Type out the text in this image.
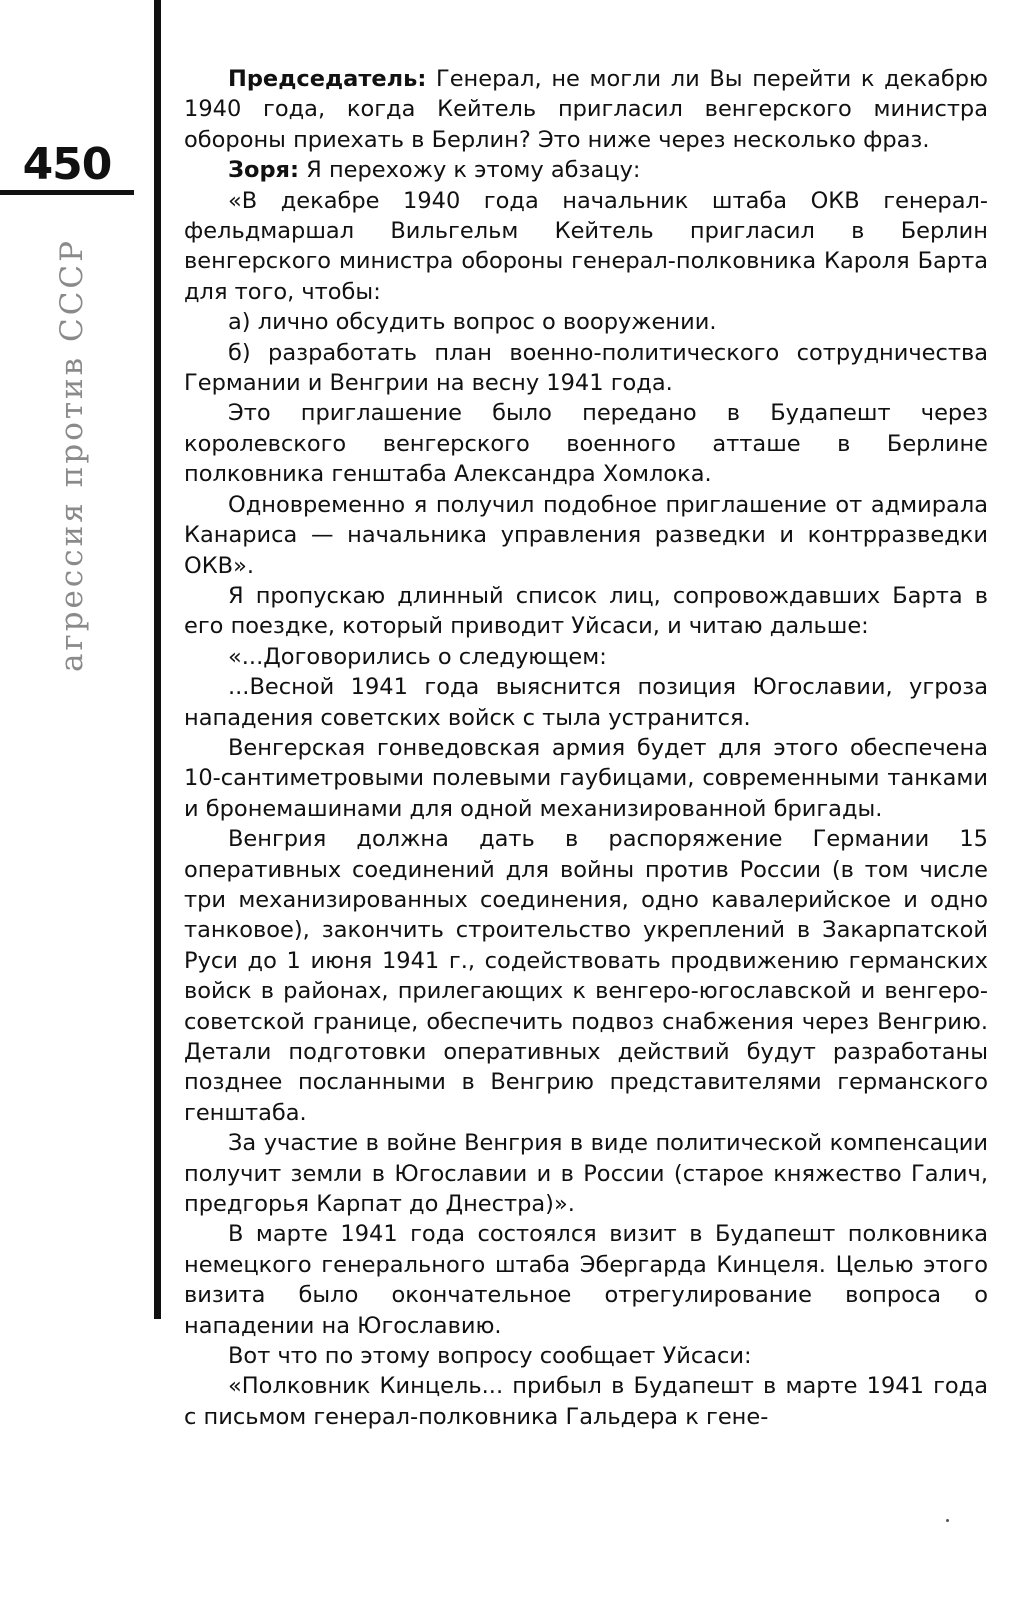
450
агрессия против СССР

Председатель: Генерал, не могли ли Вы перейти к декабрю 1940 года, когда Кейтель пригласил венгерского министра обороны приехать в Берлин? Это ниже через несколько фраз.

Зоря: Я перехожу к этому абзацу:

«В декабре 1940 года начальник штаба ОКВ генерал-фельдмаршал Вильгельм Кейтель пригласил в Берлин венгерского министра обороны генерал-полковника Кароля Барта для того, чтобы:

а) лично обсудить вопрос о вооружении.

б) разработать план военно-политического сотрудничества Германии и Венгрии на весну 1941 года.

Это приглашение было передано в Будапешт через королевского венгерского военного атташе в Берлине полковника генштаба Александра Хомлока.

Одновременно я получил подобное приглашение от адмирала Канариса — начальника управления разведки и контрразведки ОКВ».

Я пропускаю длинный список лиц, сопровождавших Барта в его поездке, который приводит Уйсаси, и читаю дальше:

«...Договорились о следующем:

...Весной 1941 года выяснится позиция Югославии, угроза нападения советских войск с тыла устранится.

Венгерская гонведовская армия будет для этого обеспечена 10-сантиметровыми полевыми гаубицами, современными танками и бронемашинами для одной механизированной бригады.

Венгрия должна дать в распоряжение Германии 15 оперативных соединений для войны против России (в том числе три механизированных соединения, одно кавалерийское и одно танковое), закончить строительство укреплений в Закарпатской Руси до 1 июня 1941 г., содействовать продвижению германских войск в районах, прилегающих к венгеро-югославской и венгеро-советской границе, обеспечить подвоз снабжения через Венгрию. Детали подготовки оперативных действий будут разработаны позднее посланными в Венгрию представителями германского генштаба.

За участие в войне Венгрия в виде политической компенсации получит земли в Югославии и в России (старое княжество Галич, предгорья Карпат до Днестра)».

В марте 1941 года состоялся визит в Будапешт полковника немецкого генерального штаба Эбергарда Кинцеля. Целью этого визита было окончательное отрегулирование вопроса о нападении на Югославию.

Вот что по этому вопросу сообщает Уйсаси:

«Полковник Кинцель... прибыл в Будапешт в марте 1941 года с письмом генерал-полковника Гальдера к гене-
